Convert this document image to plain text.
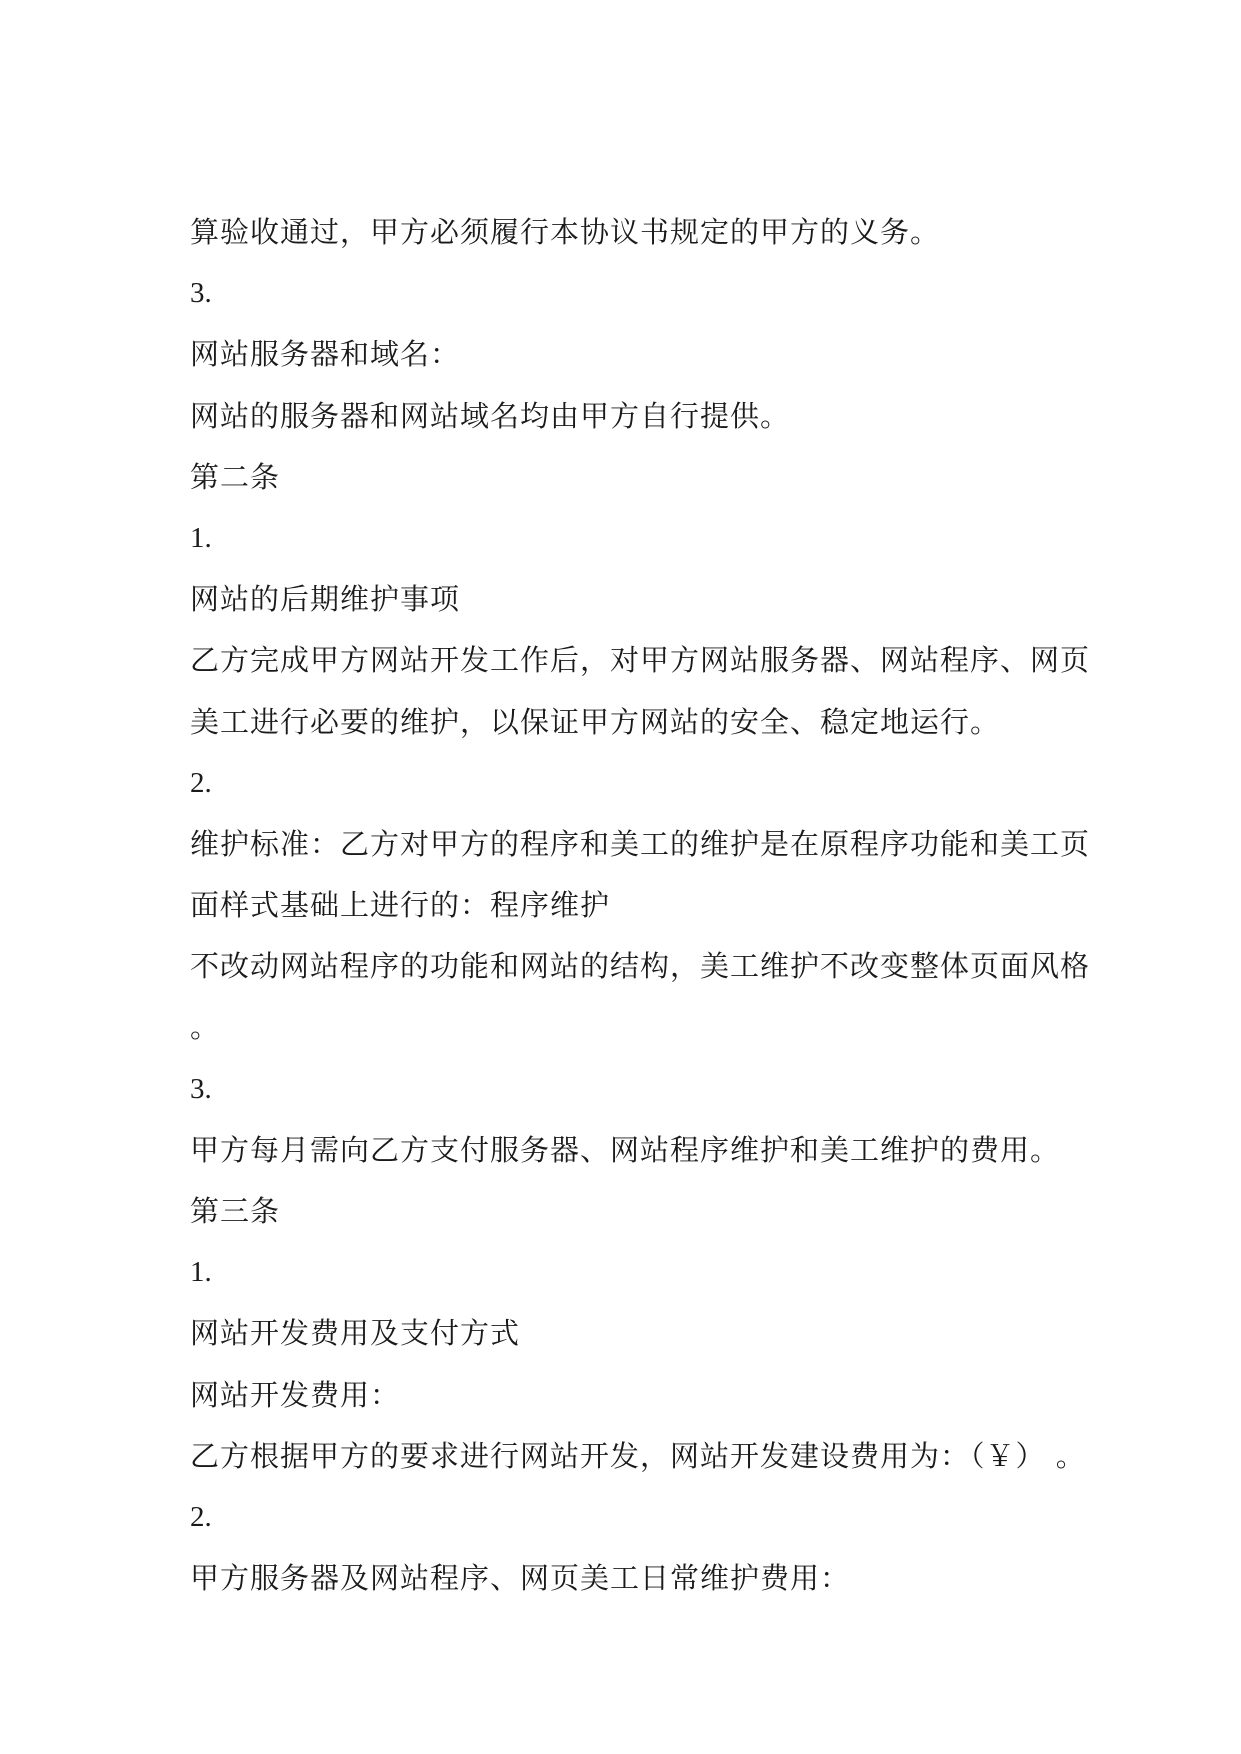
算验收通过，甲方必须履行本协议书规定的甲方的义务。
3.
网站服务器和域名：
网站的服务器和网站域名均由甲方自行提供。
第二条
1.
网站的后期维护事项
乙方完成甲方网站开发工作后，对甲方网站服务器、网站程序、网页
美工进行必要的维护，以保证甲方网站的安全、稳定地运行。
2.
维护标准：乙方对甲方的程序和美工的维护是在原程序功能和美工页
面样式基础上进行的：程序维护
不改动网站程序的功能和网站的结构，美工维护不改变整体页面风格
。
3.
甲方每月需向乙方支付服务器、网站程序维护和美工维护的费用。
第三条
1.
网站开发费用及支付方式
网站开发费用：
乙方根据甲方的要求进行网站开发，网站开发建设费用为：（￥） 。
2.
甲方服务器及网站程序、网页美工日常维护费用：
